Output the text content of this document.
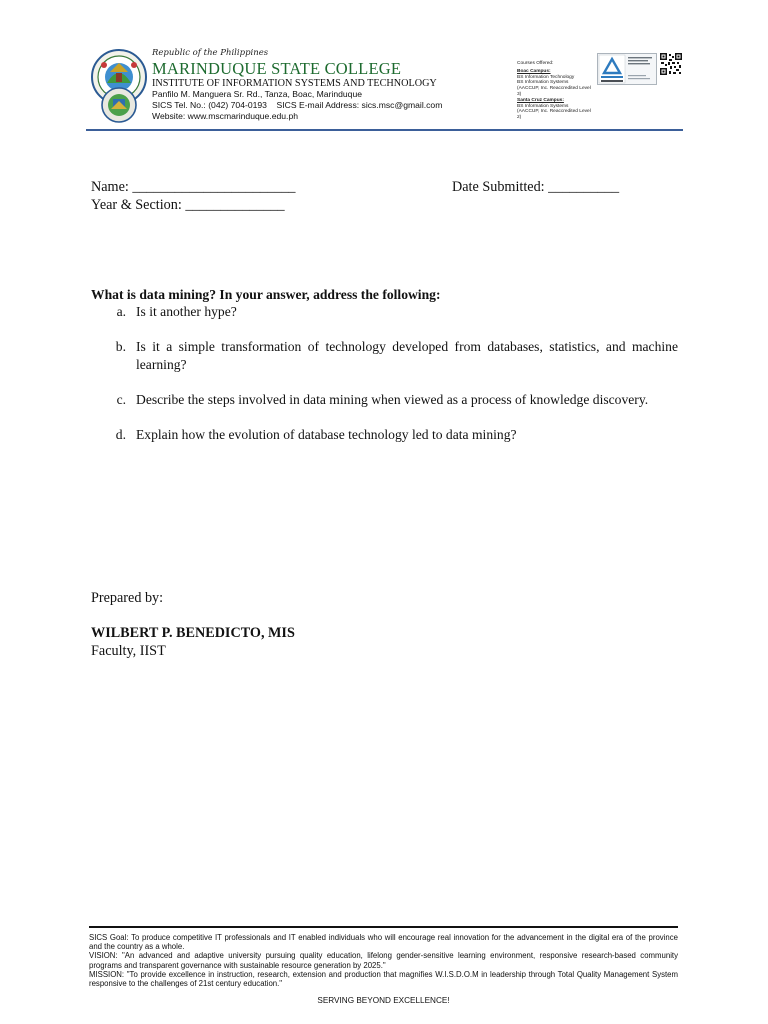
Republic of the Philippines
MARINDUQUE STATE COLLEGE
INSTITUTE OF INFORMATION SYSTEMS AND TECHNOLOGY
Panfilo M. Manguera Sr. Rd., Tanza, Boac, Marinduque
SICS Tel. No.: (042) 704-0193    SICS E-mail Address: sics.msc@gmail.com
Website: www.mscmarinduque.edu.ph
Courses Offered:
Boac Campus:
BS Information Technology
BS Information Systems
(AACCUP, Inc. Reaccredited Level 3)
Santa Cruz Campus:
BS Information Systems
(AACCUP, Inc. Reaccredited Level 2)
Name: _______________________	Date Submitted: __________
Year & Section: ______________
What is data mining? In your answer, address the following:
a. Is it another hype?
b. Is it a simple transformation of technology developed from databases, statistics, and machine learning?
c. Describe the steps involved in data mining when viewed as a process of knowledge discovery.
d. Explain how the evolution of database technology led to data mining?
Prepared by:
WILBERT P. BENEDICTO, MIS
Faculty, IIST

SICS Goal: To produce competitive IT professionals and IT enabled individuals who will encourage real innovation for the advancement in the digital era of the province and the country as a whole.

VISION: "An advanced and adaptive university pursuing quality education, lifelong gender-sensitive learning environment, responsive research-based community programs and transparent governance with sustainable resource generation by 2025."

MISSION: "To provide excellence in instruction, research, extension and production that magnifies W.I.S.D.O.M in leadership through Total Quality Management System responsive to the challenges of 21st century education."

SERVING BEYOND EXCELLENCE!
